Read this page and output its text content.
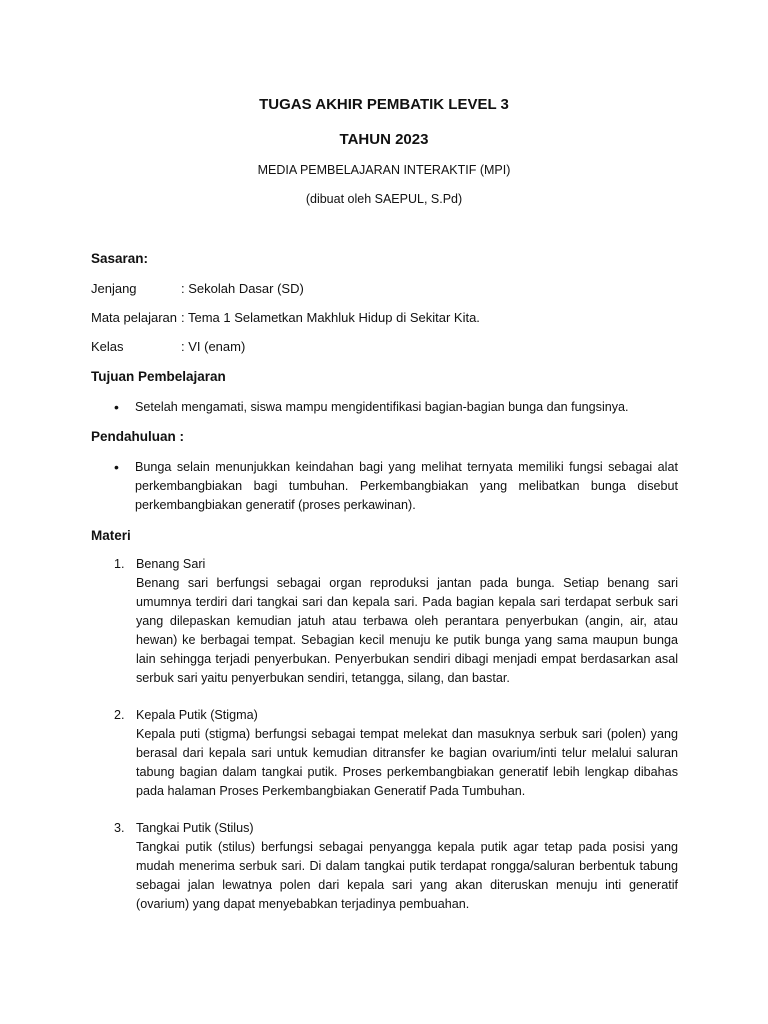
TUGAS AKHIR PEMBATIK LEVEL 3
TAHUN 2023
MEDIA PEMBELAJARAN INTERAKTIF (MPI)
(dibuat oleh SAEPUL, S.Pd)
Sasaran:
Jenjang	: Sekolah Dasar (SD)
Mata pelajaran : Tema 1 Selametkan Makhluk Hidup di Sekitar Kita.
Kelas	: VI (enam)
Tujuan Pembelajaran
• Setelah mengamati, siswa mampu mengidentifikasi bagian-bagian bunga dan fungsinya.
Pendahuluan :
• Bunga selain menunjukkan keindahan bagi yang melihat ternyata memiliki fungsi sebagai alat perkembangbiakan bagi tumbuhan. Perkembangbiakan yang melibatkan bunga disebut perkembangbiakan generatif (proses perkawinan).
Materi
1. Benang Sari
Benang sari berfungsi sebagai organ reproduksi jantan pada bunga. Setiap benang sari umumnya terdiri dari tangkai sari dan kepala sari. Pada bagian kepala sari terdapat serbuk sari yang dilepaskan kemudian jatuh atau terbawa oleh perantara penyerbukan (angin, air, atau hewan) ke berbagai tempat. Sebagian kecil menuju ke putik bunga yang sama maupun bunga lain sehingga terjadi penyerbukan. Penyerbukan sendiri dibagi menjadi empat berdasarkan asal serbuk sari yaitu penyerbukan sendiri, tetangga, silang, dan bastar.
2. Kepala Putik (Stigma)
Kepala puti (stigma) berfungsi sebagai tempat melekat dan masuknya serbuk sari (polen) yang berasal dari kepala sari untuk kemudian ditransfer ke bagian ovarium/inti telur melalui saluran tabung bagian dalam tangkai putik. Proses perkembangbiakan generatif lebih lengkap dibahas pada halaman Proses Perkembangbiakan Generatif Pada Tumbuhan.
3. Tangkai Putik (Stilus)
Tangkai putik (stilus) berfungsi sebagai penyangga kepala putik agar tetap pada posisi yang mudah menerima serbuk sari. Di dalam tangkai putik terdapat rongga/saluran berbentuk tabung sebagai jalan lewatnya polen dari kepala sari yang akan diteruskan menuju inti generatif (ovarium) yang dapat menyebabkan terjadinya pembuahan.
